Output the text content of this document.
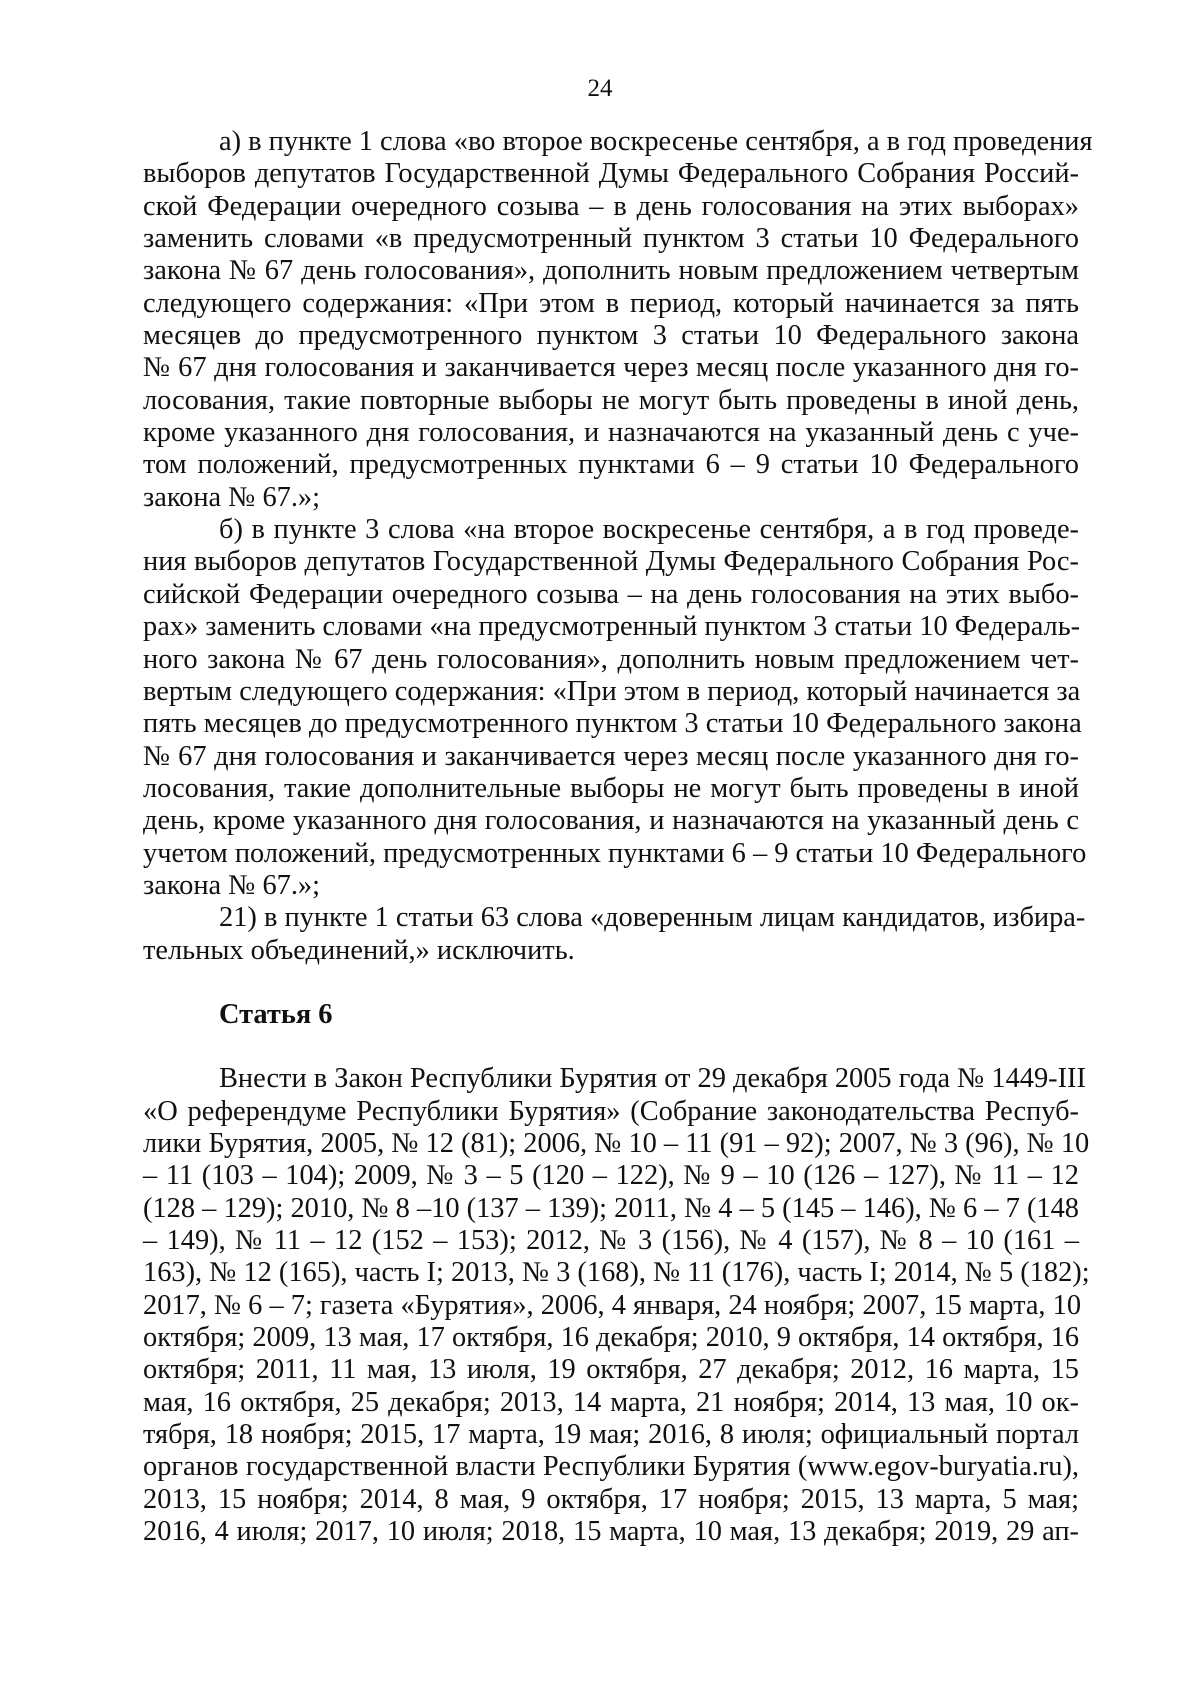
24

а) в пункте 1 слова «во второе воскресенье сентября, а в год проведения
выборов депутатов Государственной Думы Федерального Собрания Россий-
ской Федерации очередного созыва – в день голосования на этих выборах»
заменить словами «в предусмотренный пунктом 3 статьи 10 Федерального
закона № 67 день голосования», дополнить новым предложением четвертым
следующего содержания: «При этом в период, который начинается за пять
месяцев до предусмотренного пунктом 3 статьи 10 Федерального закона
№ 67 дня голосования и заканчивается через месяц после указанного дня го-
лосования, такие повторные выборы не могут быть проведены в иной день,
кроме указанного дня голосования, и назначаются на указанный день с уче-
том положений, предусмотренных пунктами 6 – 9 статьи 10 Федерального
закона № 67.»;

б) в пункте 3 слова «на второе воскресенье сентября, а в год проведе-
ния выборов депутатов Государственной Думы Федерального Собрания Рос-
сийской Федерации очередного созыва – на день голосования на этих выбо-
рах» заменить словами «на предусмотренный пунктом 3 статьи 10 Федераль-
ного закона № 67 день голосования», дополнить новым предложением чет-
вертым следующего содержания: «При этом в период, который начинается за
пять месяцев до предусмотренного пунктом 3 статьи 10 Федерального закона
№ 67 дня голосования и заканчивается через месяц после указанного дня го-
лосования, такие дополнительные выборы не могут быть проведены в иной
день, кроме указанного дня голосования, и назначаются на указанный день с
учетом положений, предусмотренных пунктами 6 – 9 статьи 10 Федерального
закона № 67.»;

21) в пункте 1 статьи 63 слова «доверенным лицам кандидатов, избира-
тельных объединений,» исключить.

Статья 6

Внести в Закон Республики Бурятия от 29 декабря 2005 года № 1449-III
«О референдуме Республики Бурятия» (Собрание законодательства Респуб-
лики Бурятия, 2005, № 12 (81); 2006, № 10 – 11 (91 – 92); 2007, № 3 (96), № 10
– 11 (103 – 104); 2009, № 3 – 5 (120 – 122), № 9 – 10 (126 – 127), № 11 – 12
(128 – 129); 2010, № 8 –10 (137 – 139); 2011, № 4 – 5 (145 – 146), № 6 – 7 (148
– 149), № 11 – 12 (152 – 153); 2012, № 3 (156), № 4 (157), № 8 – 10 (161 –
163), № 12 (165), часть I; 2013, № 3 (168), № 11 (176), часть I; 2014, № 5 (182);
2017, № 6 – 7; газета «Бурятия», 2006, 4 января, 24 ноября; 2007, 15 марта, 10
октября; 2009, 13 мая, 17 октября, 16 декабря; 2010, 9 октября, 14 октября, 16
октября; 2011, 11 мая, 13 июля, 19 октября, 27 декабря; 2012, 16 марта, 15
мая, 16 октября, 25 декабря; 2013, 14 марта, 21 ноября; 2014, 13 мая, 10 ок-
тября, 18 ноября; 2015, 17 марта, 19 мая; 2016, 8 июля; официальный портал
органов государственной власти Республики Бурятия (www.egov-buryatia.ru),
2013, 15 ноября; 2014, 8 мая, 9 октября, 17 ноября; 2015, 13 марта, 5 мая;
2016, 4 июля; 2017, 10 июля; 2018, 15 марта, 10 мая, 13 декабря; 2019, 29 ап-
